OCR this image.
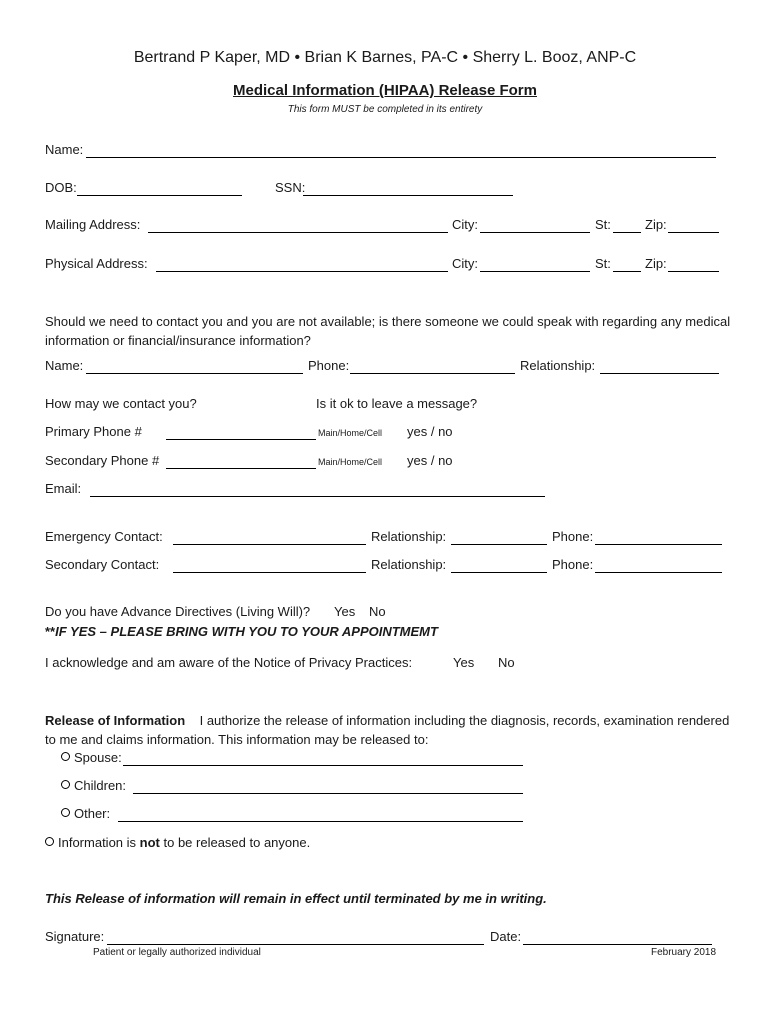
Bertrand P Kaper, MD • Brian K Barnes, PA-C • Sherry L. Booz, ANP-C
Medical Information (HIPAA) Release Form
This form MUST be completed in its entirety
Name:
DOB:	SSN:
Mailing Address:	City:	St:	Zip:
Physical Address:	City:	St:	Zip:
Should we need to contact you and you are not available; is there someone we could speak with regarding any medical information or financial/insurance information?
Name:	Phone:	Relationship:
How may we contact you?	Is it ok to leave a message?
Primary Phone #	Main/Home/Cell yes / no
Secondary Phone #	Main/Home/Cell yes / no
Email:
Emergency Contact:	Relationship:	Phone:
Secondary Contact:	Relationship:	Phone:
Do you have Advance Directives (Living Will)? Yes No
**IF YES – PLEASE BRING WITH YOU TO YOUR APPOINTMEMT
I acknowledge and am aware of the Notice of Privacy Practices:	Yes No
Release of Information I authorize the release of information including the diagnosis, records, examination rendered to me and claims information. This information may be released to:
Spouse:
Children:
Other:
Information is not to be released to anyone.
This Release of information will remain in effect until terminated by me in writing.
Signature:	Date:
Patient or legally authorized individual	February 2018
